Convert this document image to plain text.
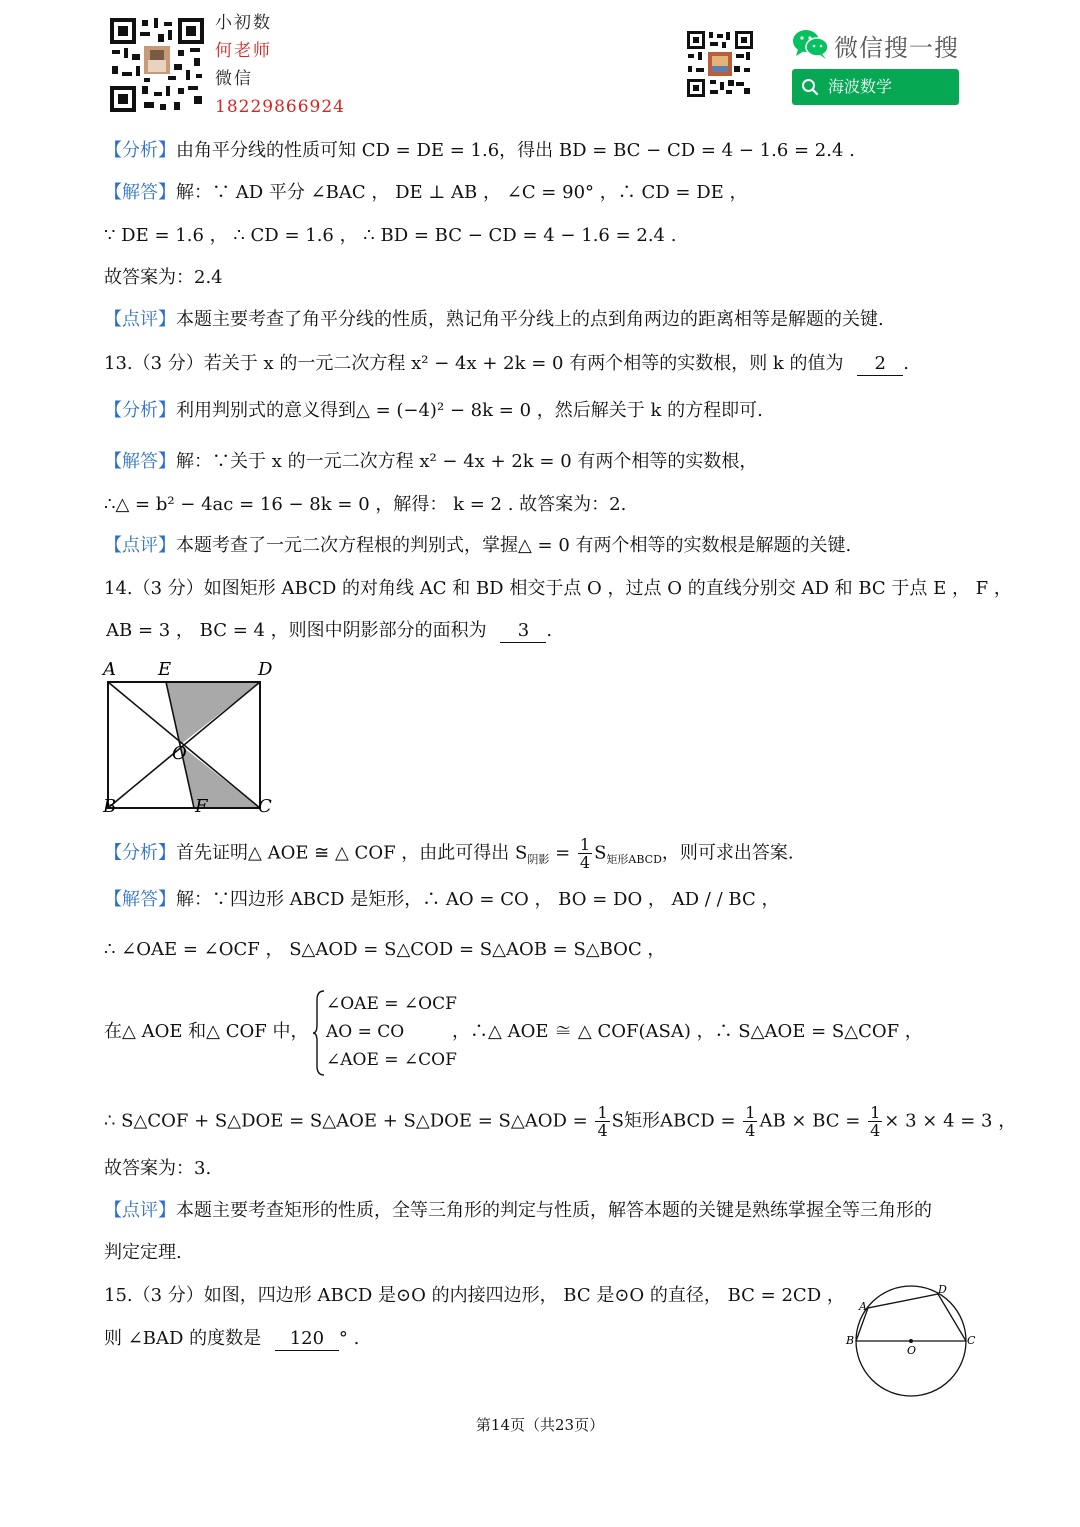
小初数
何老师
微信
18229866924
微信搜一搜
海波数学
【分析】由角平分线的性质可知 CD = DE = 1.6，得出 BD = BC − CD = 4 − 1.6 = 2.4 .
【解答】解：∵ AD 平分 ∠BAC ， DE ⊥ AB ， ∠C = 90° ，∴ CD = DE ，
∵ DE = 1.6 ， ∴ CD = 1.6 ， ∴ BD = BC − CD = 4 − 1.6 = 2.4 .
故答案为：2.4
【点评】本题主要考查了角平分线的性质，熟记角平分线上的点到角两边的距离相等是解题的关键.
13.（3 分）若关于 x 的一元二次方程 x² − 4x + 2k = 0 有两个相等的实数根，则 k 的值为 2 .
【分析】利用判别式的意义得到△ = (−4)² − 8k = 0 ，然后解关于 k 的方程即可.
【解答】解：∵关于 x 的一元二次方程 x² − 4x + 2k = 0 有两个相等的实数根，
∴△ = b² − 4ac = 16 − 8k = 0 ，解得： k = 2 . 故答案为：2.
【点评】本题考查了一元二次方程根的判别式，掌握△ = 0 有两个相等的实数根是解题的关键.
14.（3 分）如图矩形 ABCD 的对角线 AC 和 BD 相交于点 O ，过点 O 的直线分别交 AD 和 BC 于点 E ， F ，
AB = 3 ， BC = 4 ，则图中阴影部分的面积为 3 .
A E	D
O
B	F	C
【分析】首先证明△ AOE ≅ △ COF ，由此可得出 $S_{阴影} = \frac{1}{4} S_{矩形ABCD}$，则可求出答案.
【解答】解：∵四边形 ABCD 是矩形，∴ AO = CO ， BO = DO ， AD / / BC ，
∴ ∠OAE = ∠OCF ， S△AOD = S△COD = S△AOB = S△BOC ，
在△ AOE 和△ COF 中，
∠OAE = ∠OCF
AO = CO
∠AOE = ∠COF
，∴△ AOE ≅ △ COF(ASA) ，∴ S△AOE = S△COF ，
∴ S△COF + S△DOE = S△AOE + S△DOE = S△AOD = $\frac{1}{4}$ S矩形ABCD = $\frac{1}{4}$ AB × BC = $\frac{1}{4} \times 3 \times 4 = 3$ ，
故答案为：3.
【点评】本题主要考查矩形的性质，全等三角形的判定与性质，解答本题的关键是熟练掌握全等三角形的
判定定理.
15.（3 分）如图，四边形 ABCD 是⊙O 的内接四边形， BC 是⊙O 的直径， BC = 2CD ，
则 ∠BAD 的度数是 120 ° .
A
B	C
D
O
第14页（共23页）
